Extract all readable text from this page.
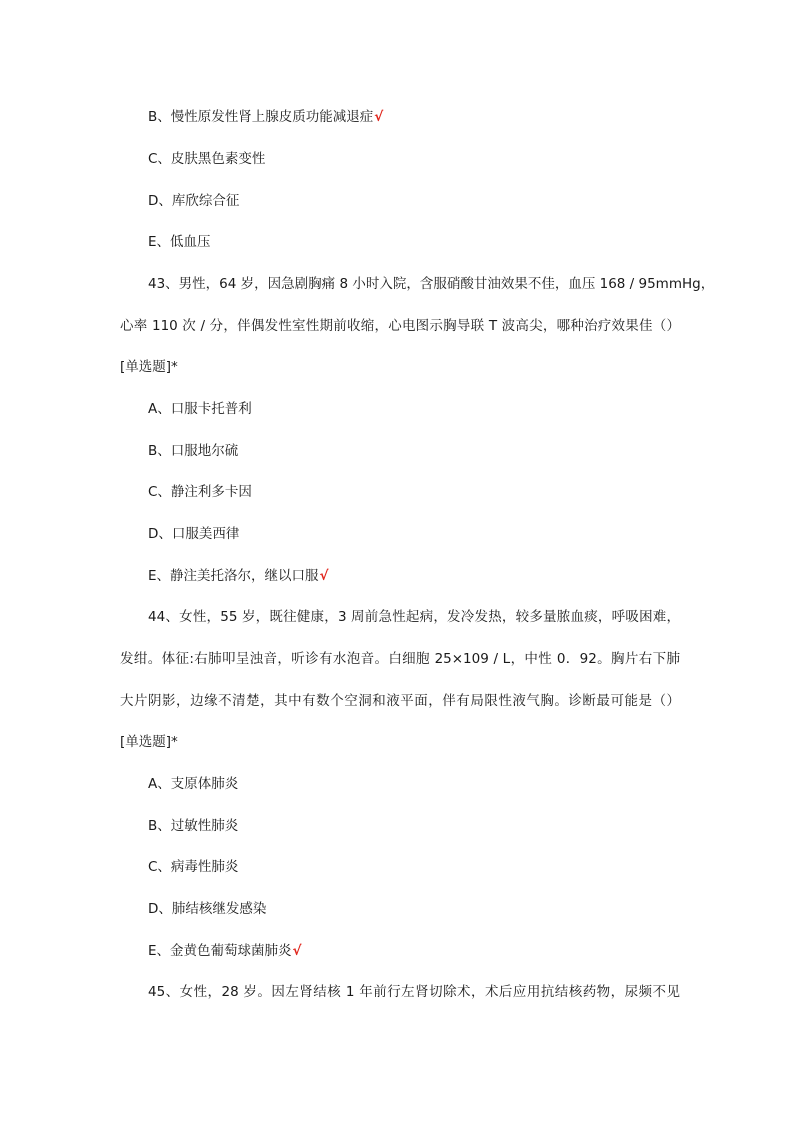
B、慢性原发性肾上腺皮质功能减退症√
C、皮肤黑色素变性
D、库欣综合征
E、低血压
43、男性，64 岁，因急剧胸痛 8 小时入院，含服硝酸甘油效果不佳，血压 168 / 95mmHg，
心率 110 次 / 分，伴偶发性室性期前收缩，心电图示胸导联 T 波高尖，哪种治疗效果佳（）
[单选题]*
A、口服卡托普利
B、口服地尔硫
C、静注利多卡因
D、口服美西律
E、静注美托洛尔，继以口服√
44、女性，55 岁，既往健康，3 周前急性起病，发冷发热，较多量脓血痰，呼吸困难，
发绀。体征:右肺叩呈浊音，听诊有水泡音。白细胞 25×109 / L，中性 0．92。胸片右下肺
大片阴影，边缘不清楚，其中有数个空洞和液平面，伴有局限性液气胸。诊断最可能是（）
[单选题]*
A、支原体肺炎
B、过敏性肺炎
C、病毒性肺炎
D、肺结核继发感染
E、金黄色葡萄球菌肺炎√
45、女性，28 岁。因左肾结核 1 年前行左肾切除术，术后应用抗结核药物，尿频不见
